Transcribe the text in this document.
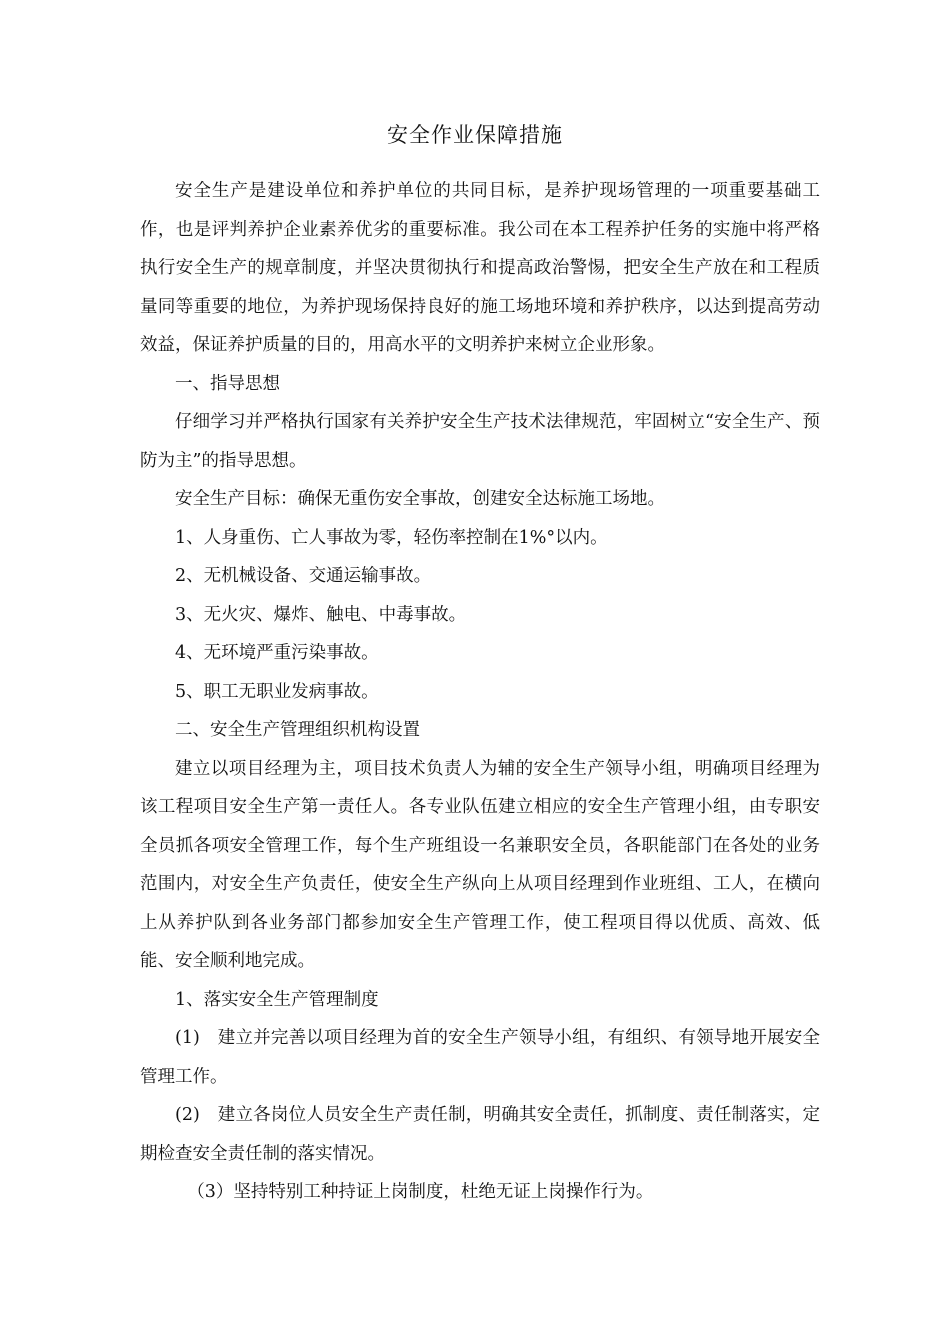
安全作业保障措施

安全生产是建设单位和养护单位的共同目标，是养护现场管理的一项重要基础工作，也是评判养护企业素养优劣的重要标准。我公司在本工程养护任务的实施中将严格执行安全生产的规章制度，并坚决贯彻执行和提高政治警惕，把安全生产放在和工程质量同等重要的地位，为养护现场保持良好的施工场地环境和养护秩序，以达到提高劳动效益，保证养护质量的目的，用高水平的文明养护来树立企业形象。

一、指导思想

仔细学习并严格执行国家有关养护安全生产技术法律规范，牢固树立“安全生产、预防为主”的指导思想。

安全生产目标：确保无重伤安全事故，创建安全达标施工场地。

1、人身重伤、亡人事故为零，轻伤率控制在1%°以内。

2、无机械设备、交通运输事故。

3、无火灾、爆炸、触电、中毒事故。

4、无环境严重污染事故。

5、职工无职业发病事故。

二、安全生产管理组织机构设置

建立以项目经理为主，项目技术负责人为辅的安全生产领导小组，明确项目经理为该工程项目安全生产第一责任人。各专业队伍建立相应的安全生产管理小组，由专职安全员抓各项安全管理工作，每个生产班组设一名兼职安全员，各职能部门在各处的业务范围内，对安全生产负责任，使安全生产纵向上从项目经理到作业班组、工人，在横向上从养护队到各业务部门都参加安全生产管理工作，使工程项目得以优质、高效、低能、安全顺利地完成。

1、落实安全生产管理制度

(1)　建立并完善以项目经理为首的安全生产领导小组，有组织、有领导地开展安全管理工作。

(2)　建立各岗位人员安全生产责任制，明确其安全责任，抓制度、责任制落实，定期检查安全责任制的落实情况。

（3）坚持特别工种持证上岗制度，杜绝无证上岗操作行为。
